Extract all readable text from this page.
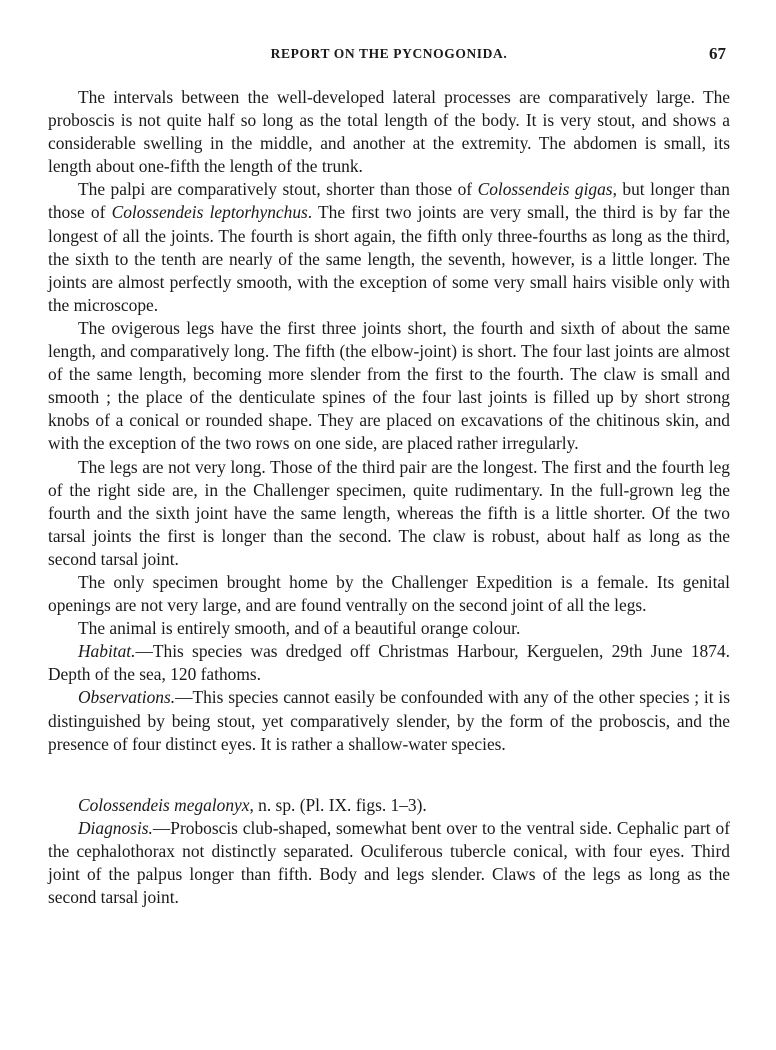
REPORT ON THE PYCNOGONIDA.	67

The intervals between the well-developed lateral processes are comparatively large. The proboscis is not quite half so long as the total length of the body. It is very stout, and shows a considerable swelling in the middle, and another at the extremity. The abdomen is small, its length about one-fifth the length of the trunk.

The palpi are comparatively stout, shorter than those of Colossendeis gigas, but longer than those of Colossendeis leptorhynchus. The first two joints are very small, the third is by far the longest of all the joints. The fourth is short again, the fifth only three-fourths as long as the third, the sixth to the tenth are nearly of the same length, the seventh, however, is a little longer. The joints are almost perfectly smooth, with the exception of some very small hairs visible only with the microscope.

The ovigerous legs have the first three joints short, the fourth and sixth of about the same length, and comparatively long. The fifth (the elbow-joint) is short. The four last joints are almost of the same length, becoming more slender from the first to the fourth. The claw is small and smooth ; the place of the denticulate spines of the four last joints is filled up by short strong knobs of a conical or rounded shape. They are placed on excavations of the chitinous skin, and with the exception of the two rows on one side, are placed rather irregularly.

The legs are not very long. Those of the third pair are the longest. The first and the fourth leg of the right side are, in the Challenger specimen, quite rudimentary. In the full-grown leg the fourth and the sixth joint have the same length, whereas the fifth is a little shorter. Of the two tarsal joints the first is longer than the second. The claw is robust, about half as long as the second tarsal joint.

The only specimen brought home by the Challenger Expedition is a female. Its genital openings are not very large, and are found ventrally on the second joint of all the legs.

The animal is entirely smooth, and of a beautiful orange colour.

Habitat.—This species was dredged off Christmas Harbour, Kerguelen, 29th June 1874. Depth of the sea, 120 fathoms.

Observations.—This species cannot easily be confounded with any of the other species ; it is distinguished by being stout, yet comparatively slender, by the form of the proboscis, and the presence of four distinct eyes. It is rather a shallow-water species.

Colossendeis megalonyx, n. sp. (Pl. IX. figs. 1–3).

Diagnosis.—Proboscis club-shaped, somewhat bent over to the ventral side. Cephalic part of the cephalothorax not distinctly separated. Oculiferous tubercle conical, with four eyes. Third joint of the palpus longer than fifth. Body and legs slender. Claws of the legs as long as the second tarsal joint.
